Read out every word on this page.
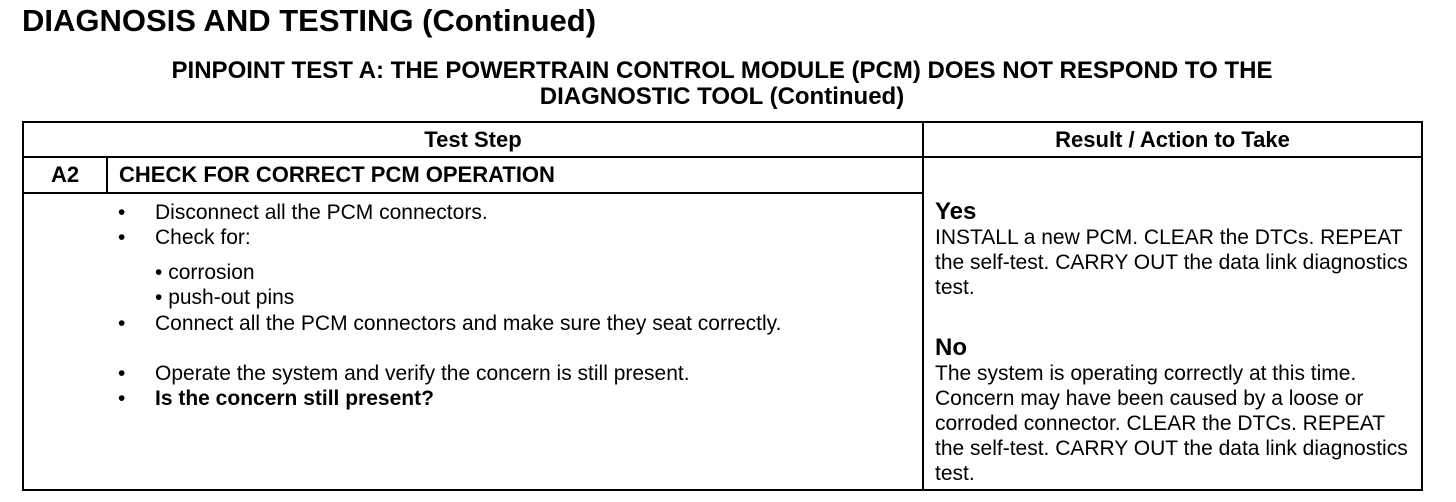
DIAGNOSIS AND TESTING (Continued)
PINPOINT TEST A: THE POWERTRAIN CONTROL MODULE (PCM) DOES NOT RESPOND TO THE
DIAGNOSTIC TOOL (Continued)
Test Step	Result / Action to Take
A2	CHECK FOR CORRECT PCM OPERATION
• Disconnect all the PCM connectors.
• Check for:
• corrosion
• push-out pins
• Connect all the PCM connectors and make sure they seat correctly.
• Operate the system and verify the concern is still present.
• Is the concern still present?
Yes
INSTALL a new PCM. CLEAR the DTCs. REPEAT the self-test. CARRY OUT the data link diagnostics test.
No
The system is operating correctly at this time. Concern may have been caused by a loose or corroded connector. CLEAR the DTCs. REPEAT the self-test. CARRY OUT the data link diagnostics test.
